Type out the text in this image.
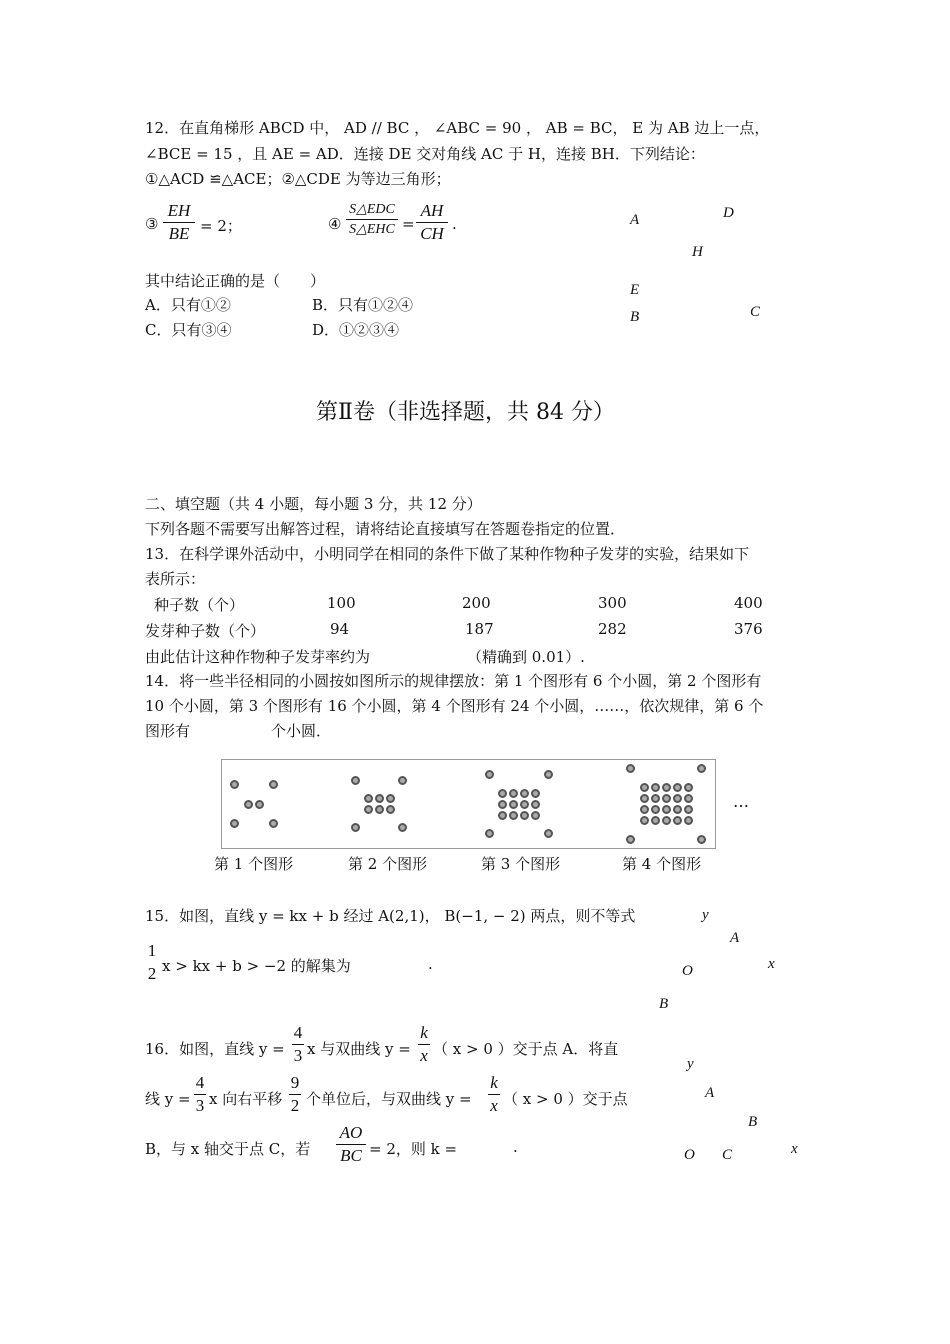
12．在直角梯形 ABCD 中， AD // BC ， ∠ABC = 90 ， AB = BC， E 为 AB 边上一点，
∠BCE = 15 ，且 AE = AD．连接 DE 交对角线 AC 于 H，连接 BH．下列结论：
①△ACD ≌△ACE；②△CDE 为等边三角形；
③
EH
BE = 2；	④
S△EDC
S△EHC =
AH
CH .
其中结论正确的是（　　）
A．只有①②	B．只有①②④
C．只有③④	D．①②③④
A	D
H
E
B	C
第Ⅱ卷（非选择题，共 84 分）
二、填空题（共 4 小题，每小题 3 分，共 12 分）
下列各题不需要写出解答过程，请将结论直接填写在答题卷指定的位置．
13．在科学课外活动中，小明同学在相同的条件下做了某种作物种子发芽的实验，结果如下
表所示：
种子数（个）	100	200	300	400
发芽种子数（个）	94	187	282	376
由此估计这种作物种子发芽率约为	（精确到 0.01）.
14．将一些半径相同的小圆按如图所示的规律摆放：第 1 个图形有 6 个小圆，第 2 个图形有
10 个小圆，第 3 个图形有 16 个小圆，第 4 个图形有 24 个小圆，……，依次规律，第 6 个
图形有	个小圆．
…
第 1 个图形	第 2 个图形	第 3 个图形	第 4 个图形
15．如图，直线 y = kx + b 经过 A(2,1)， B(−1, − 2) 两点，则不等式
1
2 x > kx + b > −2 的解集为	.
y
A
O	x
B
16．如图，直线 y =
4
3 x 与双曲线 y =
k
x （ x > 0 ）交于点 A．将直
线 y =
4
3 x 向右平移
9
2 个单位后，与双曲线 y =
k
x （ x > 0 ）交于点
B，与 x 轴交于点 C，若
AO
BC = 2，则 k =	.
y
A
B
O C	x
